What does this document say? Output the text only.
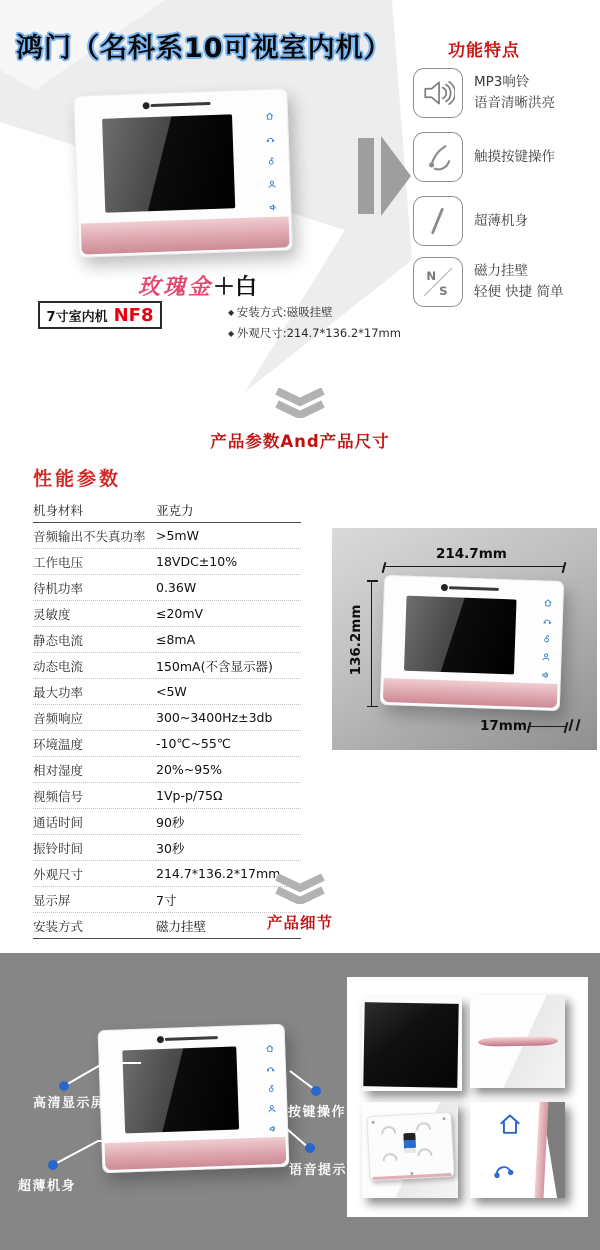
鸿门（名科系10可视室内机）
玫瑰金＋白
7寸室内机 NF8	◆ 安装方式:磁吸挂壁
◆ 外观尺寸:214.7*136.2*17mm
功能特点
MP3响铃
语音清晰洪亮
触摸按键操作
超薄机身
N
S
磁力挂壁
轻便 快捷 简单
产品参数And产品尺寸
性能参数
机身材料	亚克力
音频输出不失真功率	>5mW
工作电压	18VDC±10%
待机功率	0.36W
灵敏度	≤20mV
静态电流	≤8mA
动态电流	150mA(不含显示器)
最大功率	<5W
音频响应	300~3400Hz±3db
环境温度	-10℃~55℃
相对湿度	20%~95%
视频信号	1Vp-p/75Ω
通话时间	90秒
振铃时间	30秒
外观尺寸	214.7*136.2*17mm
显示屏	7寸
安装方式	磁力挂壁
214.7mm
136.2mm
17mm
产品细节
高清显示屏
超薄机身
按键操作
语音提示
